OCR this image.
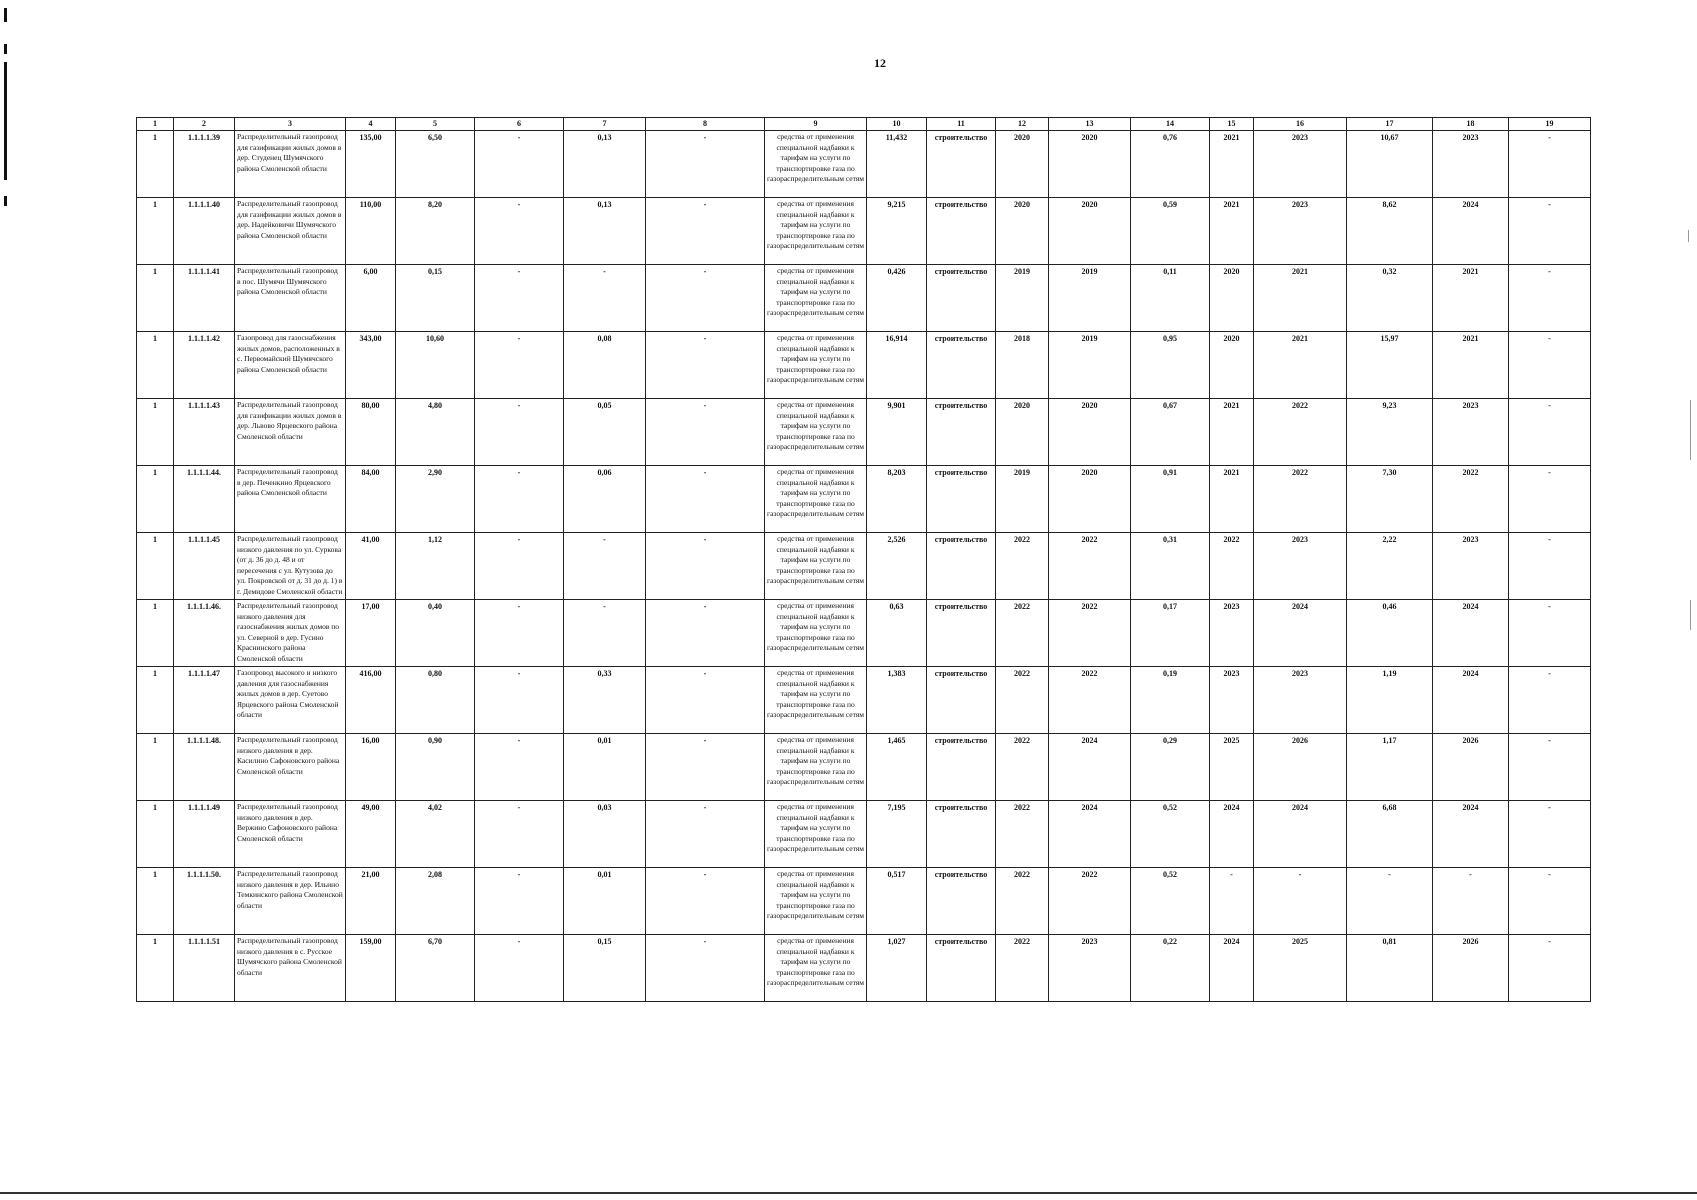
12
1	2	3	4	5	6	7	8	9	10	11	12	13	14	15	16	17	18	19
1	1.1.1.1.39	Распределительный газопровод для газификации жилых домов в дер. Студенец Шумячского района Смоленской области	135,00	6,50	-	0,13	-	средства от применения специальной надбавки к тарифам на услуги по транспортировке газа по газораспределительным сетям	11,432	строительство	2020	2020	0,76	2021	2023	10,67	2023	-
1	1.1.1.1.40	Распределительный газопровод для газификации жилых домов в дер. Надейковичи Шумячского района Смоленской области	110,00	8,20	-	0,13	-	средства от применения специальной надбавки к тарифам на услуги по транспортировке газа по газораспределительным сетям	9,215	строительство	2020	2020	0,59	2021	2023	8,62	2024	-
1	1.1.1.1.41	Распределительный газопровод в пос. Шумячи Шумячского района Смоленской области	6,00	0,15	-	-	-	средства от применения специальной надбавки к тарифам на услуги по транспортировке газа по газораспределительным сетям	0,426	строительство	2019	2019	0,11	2020	2021	0,32	2021	-
1	1.1.1.1.42	Газопровод для газоснабжения жилых домов, расположенных в с. Первомайский Шумячского района Смоленской области	343,00	10,60	-	0,08	-	средства от применения специальной надбавки к тарифам на услуги по транспортировке газа по газораспределительным сетям	16,914	строительство	2018	2019	0,95	2020	2021	15,97	2021	-
1	1.1.1.1.43	Распределительный газопровод для газификации жилых домов в дер. Львово Ярцевского района Смоленской области	80,00	4,80	-	0,05	-	средства от применения специальной надбавки к тарифам на услуги по транспортировке газа по газораспределительным сетям	9,901	строительство	2020	2020	0,67	2021	2022	9,23	2023	-
1	1.1.1.1.44.	Распределительный газопровод в дер. Печенкино Ярцевского района Смоленской области	84,00	2,90	-	0,06	-	средства от применения специальной надбавки к тарифам на услуги по транспортировке газа по газораспределительным сетям	8,203	строительство	2019	2020	0,91	2021	2022	7,30	2022	-
1	1.1.1.1.45	Распределительный газопровод низкого давления по ул. Суркова (от д. 36 до д. 48 и от пересечения с ул. Кутузова до ул. Покровской от д. 31 до д. 1) в г. Демидове Смоленской области	41,00	1,12	-	-	-	средства от применения специальной надбавки к тарифам на услуги по транспортировке газа по газораспределительным сетям	2,526	строительство	2022	2022	0,31	2022	2023	2,22	2023	-
1	1.1.1.1.46.	Распределительный газопровод низкого давления для газоснабжения жилых домов по ул. Северной в дер. Гусино Краснинского района Смоленской области	17,00	0,40	-	-	-	средства от применения специальной надбавки к тарифам на услуги по транспортировке газа по газораспределительным сетям	0,63	строительство	2022	2022	0,17	2023	2024	0,46	2024	-
1	1.1.1.1.47	Газопровод высокого и низкого давления для газоснабжения жилых домов в дер. Суетово Ярцевского района Смоленской области	416,00	0,80	-	0,33	-	средства от применения специальной надбавки к тарифам на услуги по транспортировке газа по газораспределительным сетям	1,383	строительство	2022	2022	0,19	2023	2023	1,19	2024	-
1	1.1.1.1.48.	Распределительный газопровод низкого давления в дер. Касилино Сафоновского района Смоленской области	16,00	0,90	-	0,01	-	средства от применения специальной надбавки к тарифам на услуги по транспортировке газа по газораспределительным сетям	1,465	строительство	2022	2024	0,29	2025	2026	1,17	2026	-
1	1.1.1.1.49	Распределительный газопровод низкого давления в дер. Вержино Сафоновского района Смоленской области	49,00	4,02	-	0,03	-	средства от применения специальной надбавки к тарифам на услуги по транспортировке газа по газораспределительным сетям	7,195	строительство	2022	2024	0,52	2024	2024	6,68	2024	-
1	1.1.1.1.50.	Распределительный газопровод низкого давления в дер. Ильино Темкинского района Смоленской области	21,00	2,08	-	0,01	-	средства от применения специальной надбавки к тарифам на услуги по транспортировке газа по газораспределительным сетям	0,517	строительство	2022	2022	0,52	-	-	-	-	-
1	1.1.1.1.51	Распределительный газопровод низкого давления в с. Русское Шумячского района Смоленской области	159,00	6,70	-	0,15	-	средства от применения специальной надбавки к тарифам на услуги по транспортировке газа по газораспределительным сетям	1,027	строительство	2022	2023	0,22	2024	2025	0,81	2026	-
